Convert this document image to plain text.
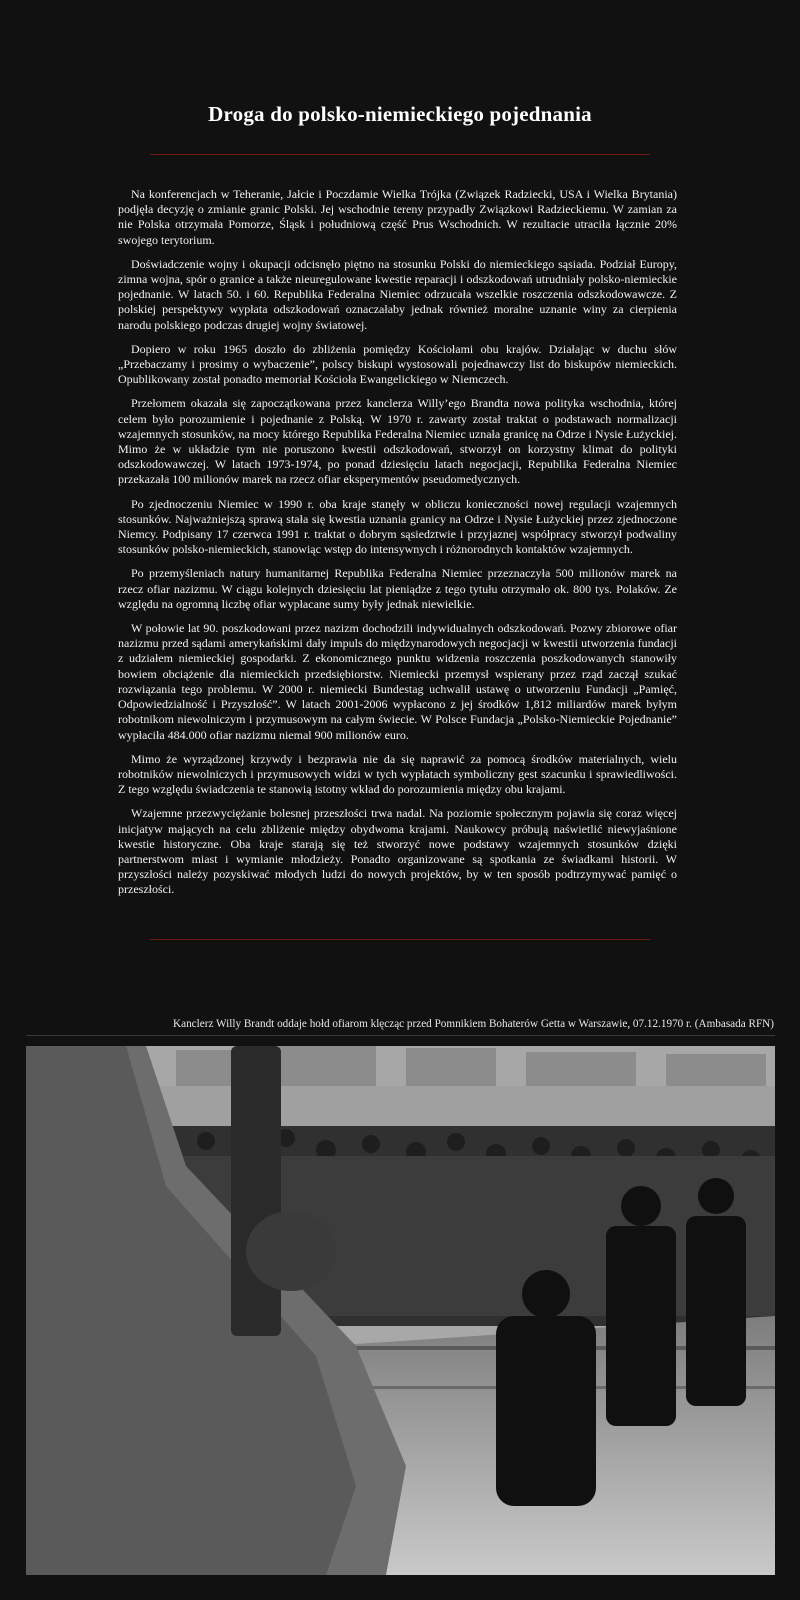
Droga do polsko-niemieckiego pojednania

Na konferencjach w Teheranie, Jałcie i Poczdamie Wielka Trójka (Związek Radziecki, USA i Wielka Brytania) podjęła decyzję o zmianie granic Polski. Jej wschodnie tereny przypadły Związkowi Radzieckiemu. W zamian za nie Polska otrzymała Pomorze, Śląsk i południową część Prus Wschodnich. W rezultacie utraciła łącznie 20% swojego terytorium.

Doświadczenie wojny i okupacji odcisnęło piętno na stosunku Polski do niemieckiego sąsiada. Podział Europy, zimna wojna, spór o granice a także nieuregulowane kwestie reparacji i odszkodowań utrudniały polsko-niemieckie pojednanie. W latach 50. i 60. Republika Federalna Niemiec odrzucała wszelkie roszczenia odszkodowawcze. Z polskiej perspektywy wypłata odszkodowań oznaczałaby jednak również moralne uznanie winy za cierpienia narodu polskiego podczas drugiej wojny światowej.

Dopiero w roku 1965 doszło do zbliżenia pomiędzy Kościołami obu krajów. Działając w duchu słów „Przebaczamy i prosimy o wybaczenie”, polscy biskupi wystosowali pojednawczy list do biskupów niemieckich. Opublikowany został ponadto memoriał Kościoła Ewangelickiego w Niemczech.

Przełomem okazała się zapoczątkowana przez kanclerza Willy’ego Brandta nowa polityka wschodnia, której celem było porozumienie i pojednanie z Polską. W 1970 r. zawarty został traktat o podstawach normalizacji wzajemnych stosunków, na mocy którego Republika Federalna Niemiec uznała granicę na Odrze i Nysie Łużyckiej. Mimo że w układzie tym nie poruszono kwestii odszkodowań, stworzył on korzystny klimat do polityki odszkodowawczej. W latach 1973-1974, po ponad dziesięciu latach negocjacji, Republika Federalna Niemiec przekazała 100 milionów marek na rzecz ofiar eksperymentów pseudomedycznych.

Po zjednoczeniu Niemiec w 1990 r. oba kraje stanęły w obliczu konieczności nowej regulacji wzajemnych stosunków. Najważniejszą sprawą stała się kwestia uznania granicy na Odrze i Nysie Łużyckiej przez zjednoczone Niemcy. Podpisany 17 czerwca 1991 r. traktat o dobrym sąsiedztwie i przyjaznej współpracy stworzył podwaliny stosunków polsko-niemieckich, stanowiąc wstęp do intensywnych i różnorodnych kontaktów wzajemnych.

Po przemyśleniach natury humanitarnej Republika Federalna Niemiec przeznaczyła 500 milionów marek na rzecz ofiar nazizmu. W ciągu kolejnych dziesięciu lat pieniądze z tego tytułu otrzymało ok. 800 tys. Polaków. Ze względu na ogromną liczbę ofiar wypłacane sumy były jednak niewielkie.

W połowie lat 90. poszkodowani przez nazizm dochodzili indywidualnych odszkodowań. Pozwy zbiorowe ofiar nazizmu przed sądami amerykańskimi dały impuls do międzynarodowych negocjacji w kwestii utworzenia fundacji z udziałem niemieckiej gospodarki. Z ekonomicznego punktu widzenia roszczenia poszkodowanych stanowiły bowiem obciążenie dla niemieckich przedsiębiorstw. Niemiecki przemysł wspierany przez rząd zaczął szukać rozwiązania tego problemu. W 2000 r. niemiecki Bundestag uchwalił ustawę o utworzeniu Fundacji „Pamięć, Odpowiedzialność i Przyszłość”. W latach 2001-2006 wypłacono z jej środków 1,812 miliardów marek byłym robotnikom niewolniczym i przymusowym na całym świecie. W Polsce Fundacja „Polsko-Niemieckie Pojednanie” wypłaciła 484.000 ofiar nazizmu niemal 900 milionów euro.

Mimo że wyrządzonej krzywdy i bezprawia nie da się naprawić za pomocą środków materialnych, wielu robotników niewolniczych i przymusowych widzi w tych wypłatach symboliczny gest szacunku i sprawiedliwości. Z tego względu świadczenia te stanowią istotny wkład do porozumienia między obu krajami.

Wzajemne przezwyciężanie bolesnej przeszłości trwa nadal. Na poziomie społecznym pojawia się coraz więcej inicjatyw mających na celu zbliżenie między obydwoma krajami. Naukowcy próbują naświetlić niewyjaśnione kwestie historyczne. Oba kraje starają się też stworzyć nowe podstawy wzajemnych stosunków dzięki partnerstwom miast i wymianie młodzieży. Ponadto organizowane są spotkania ze świadkami historii. W przyszłości należy pozyskiwać młodych ludzi do nowych projektów, by w ten sposób podtrzymywać pamięć o przeszłości.

Kanclerz Willy Brandt oddaje hołd ofiarom klęcząc przed Pomnikiem Bohaterów Getta w Warszawie, 07.12.1970 r. (Ambasada RFN)
